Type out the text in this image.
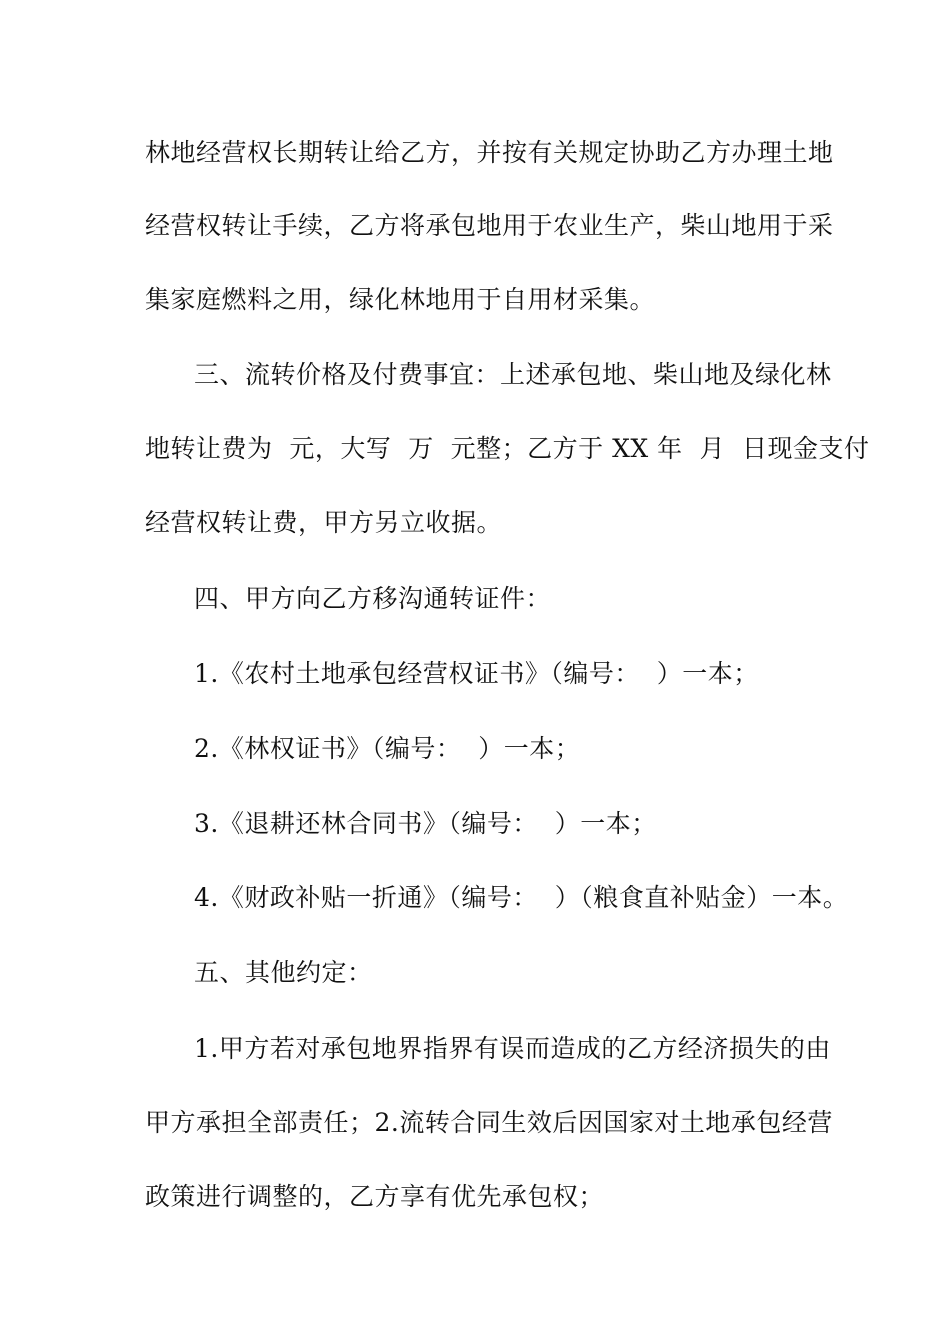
林地经营权长期转让给乙方，并按有关规定协助乙方办理土地
经营权转让手续，乙方将承包地用于农业生产，柴山地用于采
集家庭燃料之用，绿化林地用于自用材采集。
三、流转价格及付费事宜：上述承包地、柴山地及绿化林
地转让费为  元，大写  万  元整；乙方于 XX 年  月  日现金支付
经营权转让费，甲方另立收据。
四、甲方向乙方移沟通转证件：
1.《农村土地承包经营权证书》（编号：  ）一本；
2.《林权证书》（编号：  ）一本；
3.《退耕还林合同书》（编号：  ）一本；
4.《财政补贴一折通》（编号：  ）（粮食直补贴金）一本。
五、其他约定：
1.甲方若对承包地界指界有误而造成的乙方经济损失的由
甲方承担全部责任；2.流转合同生效后因国家对土地承包经营
政策进行调整的，乙方享有优先承包权；
